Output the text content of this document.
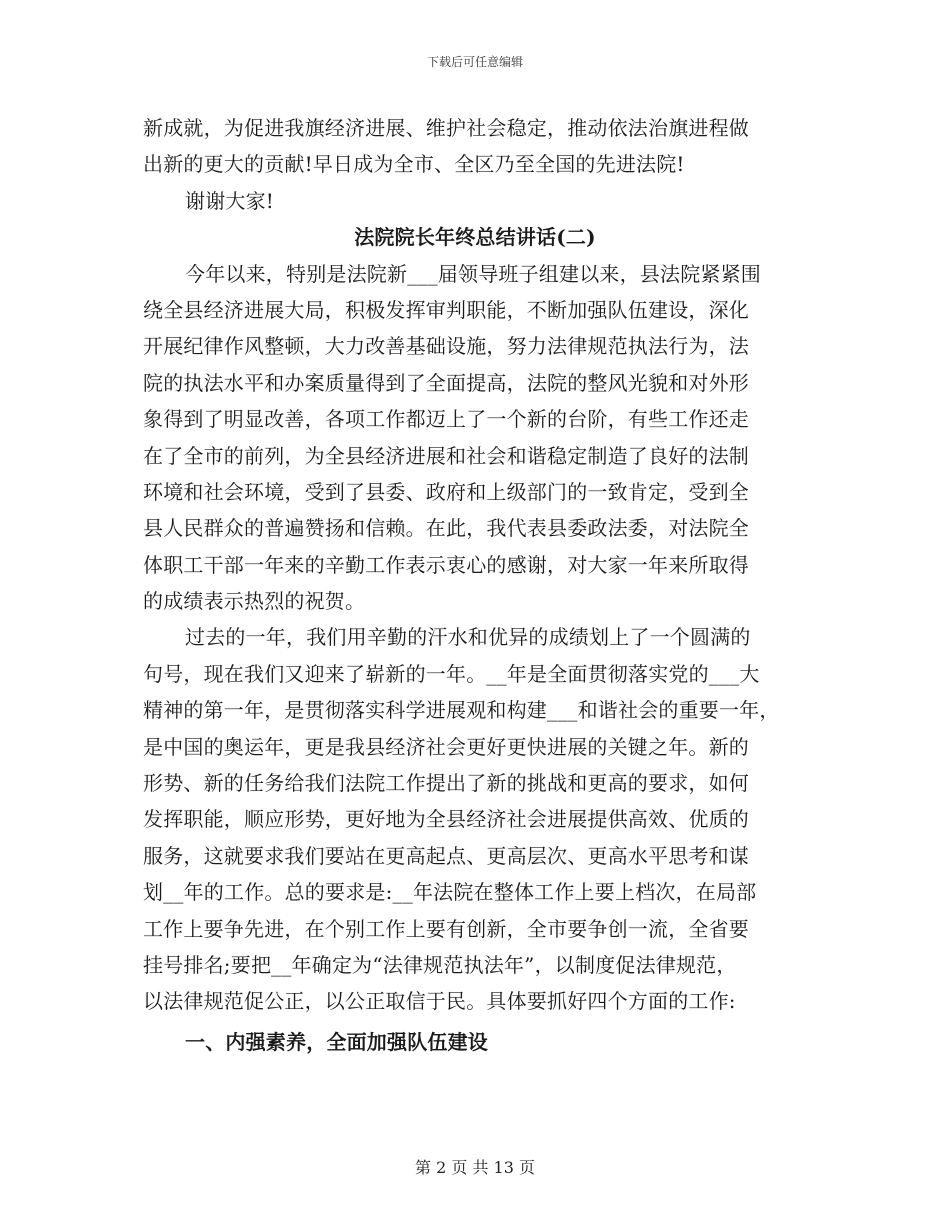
下载后可任意编辑
新成就，为促进我旗经济进展、维护社会稳定，推动依法治旗进程做
出新的更大的贡献!早日成为全市、全区乃至全国的先进法院!
谢谢大家!
法院院长年终总结讲话(二)
今年以来，特别是法院新___届领导班子组建以来，县法院紧紧围
绕全县经济进展大局，积极发挥审判职能，不断加强队伍建设，深化
开展纪律作风整顿，大力改善基础设施，努力法律规范执法行为，法
院的执法水平和办案质量得到了全面提高，法院的整风光貌和对外形
象得到了明显改善，各项工作都迈上了一个新的台阶，有些工作还走
在了全市的前列，为全县经济进展和社会和谐稳定制造了良好的法制
环境和社会环境，受到了县委、政府和上级部门的一致肯定，受到全
县人民群众的普遍赞扬和信赖。在此，我代表县委政法委，对法院全
体职工干部一年来的辛勤工作表示衷心的感谢，对大家一年来所取得
的成绩表示热烈的祝贺。
过去的一年，我们用辛勤的汗水和优异的成绩划上了一个圆满的
句号，现在我们又迎来了崭新的一年。__年是全面贯彻落实党的___大
精神的第一年，是贯彻落实科学进展观和构建___和谐社会的重要一年，
是中国的奥运年，更是我县经济社会更好更快进展的关键之年。新的
形势、新的任务给我们法院工作提出了新的挑战和更高的要求，如何
发挥职能，顺应形势，更好地为全县经济社会进展提供高效、优质的
服务，这就要求我们要站在更高起点、更高层次、更高水平思考和谋
划__年的工作。总的要求是:__年法院在整体工作上要上档次，在局部
工作上要争先进，在个别工作上要有创新，全市要争创一流，全省要
挂号排名;要把__年确定为“法律规范执法年”，以制度促法律规范，
以法律规范促公正，以公正取信于民。具体要抓好四个方面的工作:
一、内强素养，全面加强队伍建设
第 2 页 共 13 页
